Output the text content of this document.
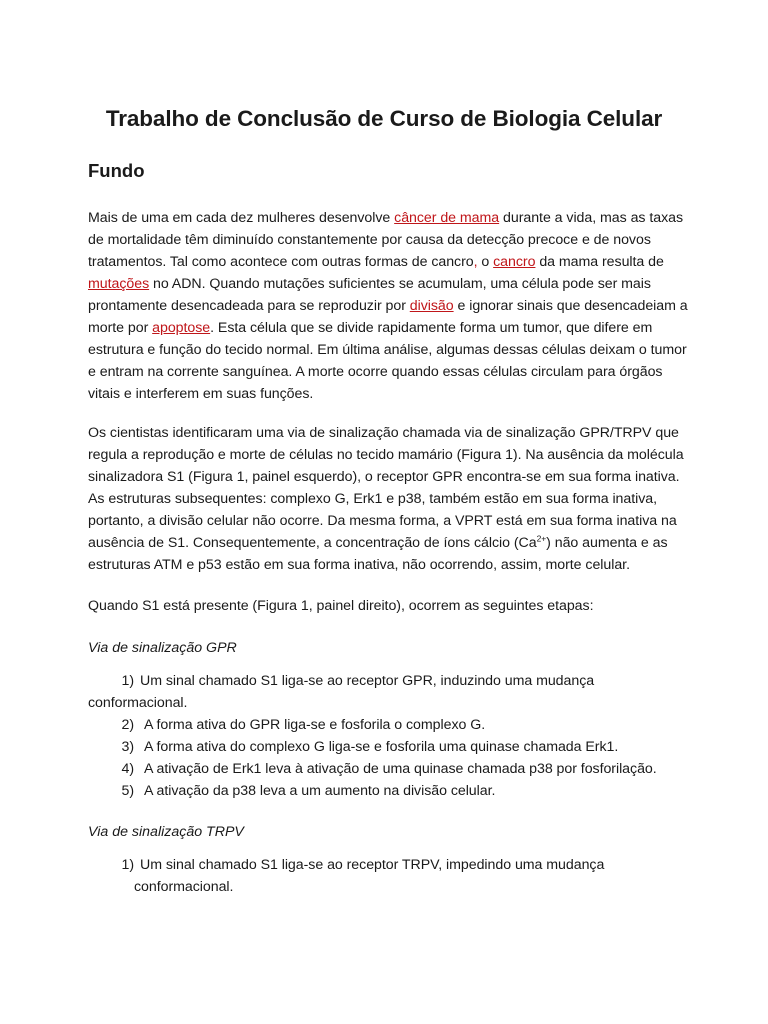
Trabalho de Conclusão de Curso de Biologia Celular
Fundo

Mais de uma em cada dez mulheres desenvolve câncer de mama durante a vida, mas as taxas
de mortalidade têm diminuído constantemente por causa da detecção precoce e de novos
tratamentos. Tal como acontece com outras formas de cancro, o cancro da mama resulta de
mutações no ADN. Quando mutações suficientes se acumulam, uma célula pode ser mais
prontamente desencadeada para se reproduzir por divisão e ignorar sinais que desencadeiam a
morte por apoptose. Esta célula que se divide rapidamente forma um tumor, que difere em
estrutura e função do tecido normal. Em última análise, algumas dessas células deixam o tumor
e entram na corrente sanguínea. A morte ocorre quando essas células circulam para órgãos
vitais e interferem em suas funções.

Os cientistas identificaram uma via de sinalização chamada via de sinalização GPR/TRPV que
regula a reprodução e morte de células no tecido mamário (Figura 1). Na ausência da molécula
sinalizadora S1 (Figura 1, painel esquerdo), o receptor GPR encontra-se em sua forma inativa.
As estruturas subsequentes: complexo G, Erk1 e p38, também estão em sua forma inativa,
portanto, a divisão celular não ocorre. Da mesma forma, a VPRT está em sua forma inativa na
ausência de S1. Consequentemente, a concentração de íons cálcio $(Ca^{2+})$ não aumenta e as
estruturas ATM e p53 estão em sua forma inativa, não ocorrendo, assim, morte celular.

Quando S1 está presente (Figura 1, painel direito), ocorrem as seguintes etapas:

Via de sinalização GPR

1) Um sinal chamado S1 liga-se ao receptor GPR, induzindo uma mudança
conformacional.
2) A forma ativa do GPR liga-se e fosforila o complexo G.
3) A forma ativa do complexo G liga-se e fosforila uma quinase chamada Erk1.
4) A ativação de Erk1 leva à ativação de uma quinase chamada p38 por fosforilação.
5) A ativação da p38 leva a um aumento na divisão celular.

Via de sinalização TRPV

1) Um sinal chamado S1 liga-se ao receptor TRPV, impedindo uma mudança
conformacional.
